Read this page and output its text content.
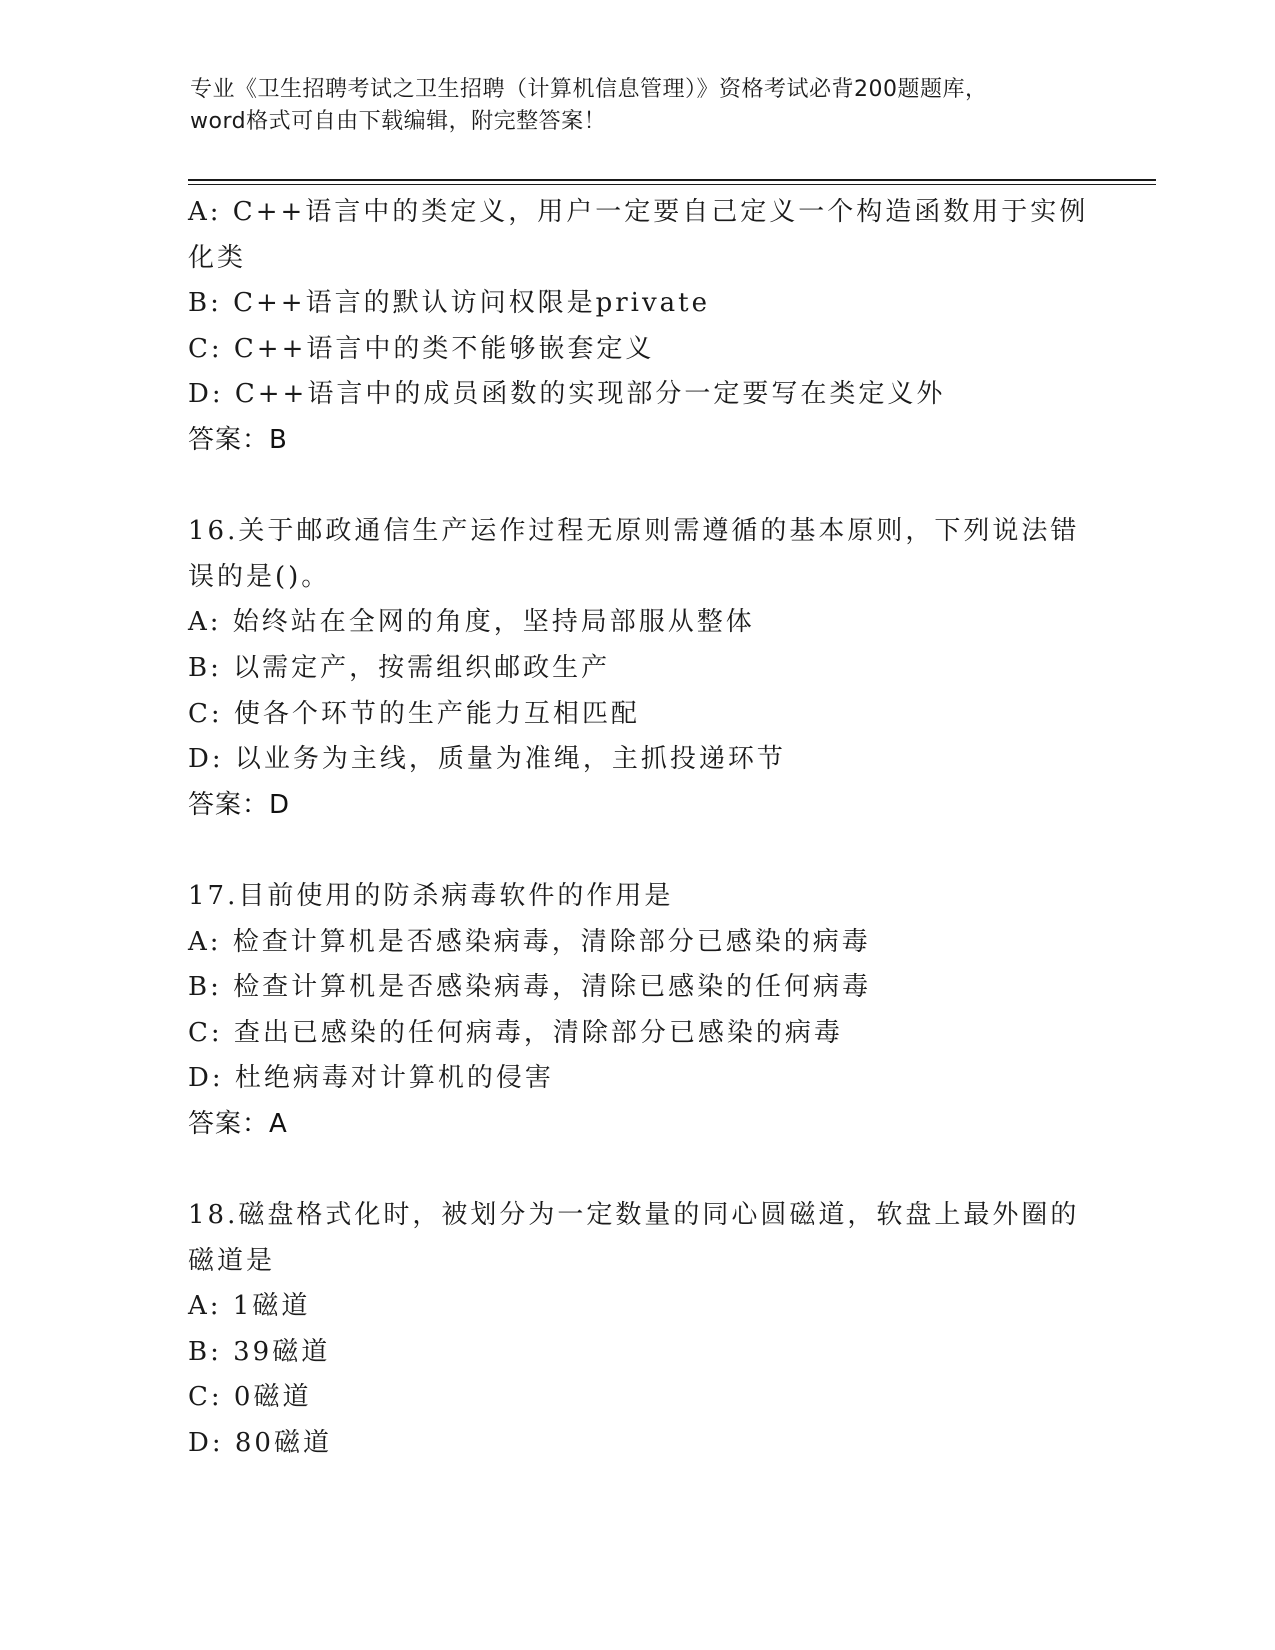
专业《卫生招聘考试之卫生招聘（计算机信息管理）》资格考试必背200题题库，
word格式可自由下载编辑，附完整答案！
A: C++语言中的类定义，用户一定要自己定义一个构造函数用于实例
化类
B: C++语言的默认访问权限是private
C: C++语言中的类不能够嵌套定义
D: C++语言中的成员函数的实现部分一定要写在类定义外
答案：B
16.关于邮政通信生产运作过程无原则需遵循的基本原则，下列说法错
误的是()。
A: 始终站在全网的角度，坚持局部服从整体
B: 以需定产，按需组织邮政生产
C: 使各个环节的生产能力互相匹配
D: 以业务为主线，质量为准绳，主抓投递环节
答案：D
17.目前使用的防杀病毒软件的作用是
A: 检查计算机是否感染病毒，清除部分已感染的病毒
B: 检查计算机是否感染病毒，清除已感染的任何病毒
C: 查出已感染的任何病毒，清除部分已感染的病毒
D: 杜绝病毒对计算机的侵害
答案：A
18.磁盘格式化时，被划分为一定数量的同心圆磁道，软盘上最外圈的
磁道是
A: 1磁道
B: 39磁道
C: 0磁道
D: 80磁道
